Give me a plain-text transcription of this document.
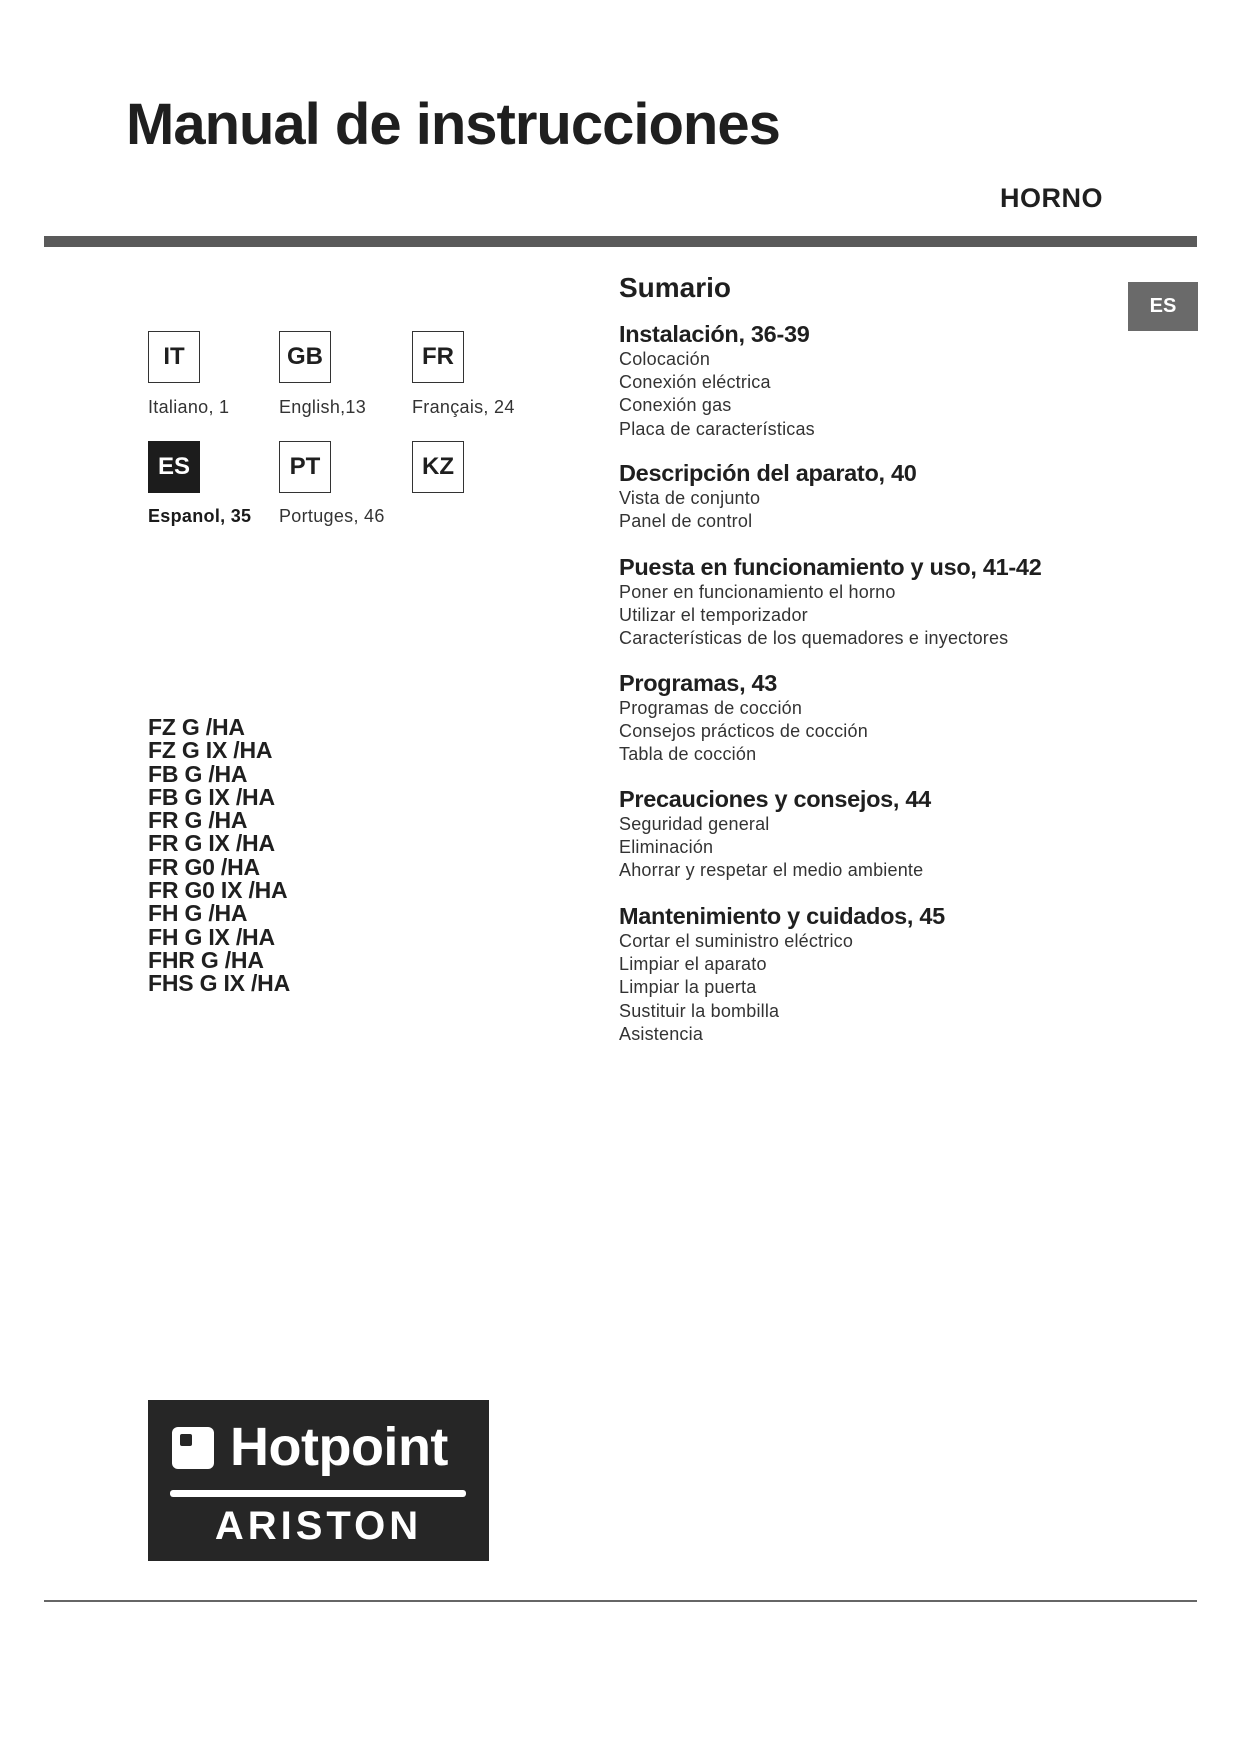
Manual de instrucciones
HORNO
IT
Italiano, 1
GB
English,13
FR
Français, 24
ES
Espanol, 35
PT
Portuges, 46
KZ
FZ G /HA
FZ G IX /HA
FB G /HA
FB G IX /HA
FR G /HA
FR G IX /HA
FR G0 /HA
FR G0 IX /HA
FH G /HA
FH G IX /HA
FHR G /HA
FHS G IX /HA
Sumario
ES
Instalación, 36-39
Colocación
Conexión eléctrica
Conexión gas
Placa de características
Descripción del aparato, 40
Vista de conjunto
Panel de control
Puesta en funcionamiento y uso, 41-42
Poner en funcionamiento el horno
Utilizar el temporizador
Características de los quemadores e inyectores
Programas, 43
Programas de cocción
Consejos prácticos de cocción
Tabla de cocción
Precauciones y consejos, 44
Seguridad general
Eliminación
Ahorrar y respetar el medio ambiente
Mantenimiento y cuidados, 45
Cortar el suministro eléctrico
Limpiar el aparato
Limpiar la puerta
Sustituir la bombilla
Asistencia
Hotpoint
ARISTON
